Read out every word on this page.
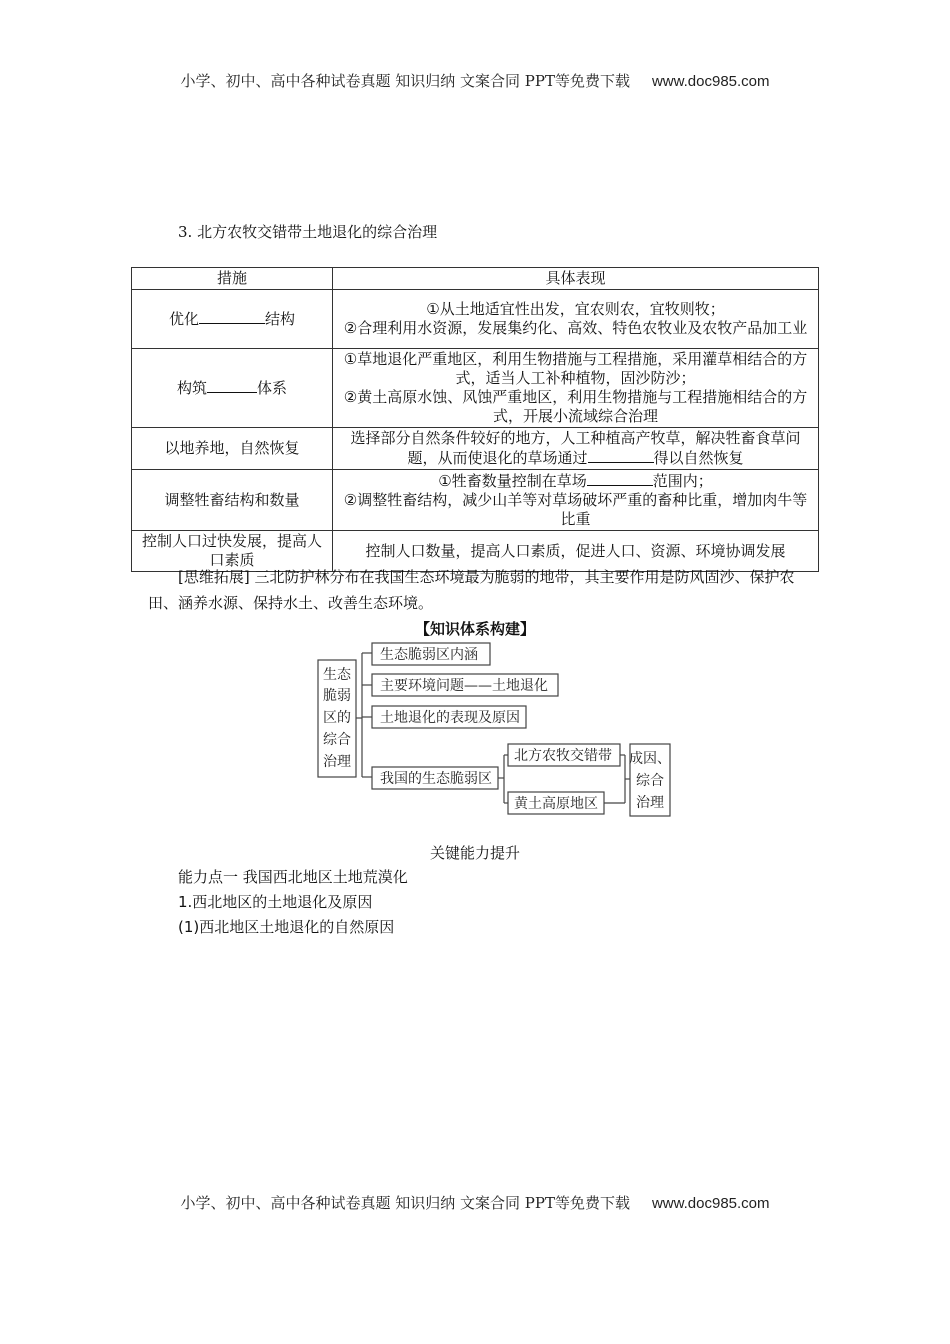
小学、初中、高中各种试卷真题 知识归纳 文案合同 PPT等免费下载 www.doc985.com
3. 北方农牧交错带土地退化的综合治理
措施	具体表现
优化 结构	①从土地适宜性出发，宜农则农，宜牧则牧；
②合理利用水资源，发展集约化、高效、特色农牧业及农牧产品加工业

构筑 体系	①草地退化严重地区，利用生物措施与工程措施，采用灌草相结合的方式，适当人工补种植物，固沙防沙；
②黄土高原水蚀、风蚀严重地区，利用生物措施与工程措施相结合的方式，开展小流域综合治理

以地养地，自然恢复	选择部分自然条件较好的地方，人工种植高产牧草，解决牲畜食草问题，从而使退化的草场通过 得以自然恢复
调整牲畜结构和数量	①牲畜数量控制在草场 范围内；
②调整牲畜结构，减少山羊等对草场破坏严重的畜种比重，增加肉牛等比重

控制人口过快发展，提高人口素质	控制人口数量，提高人口素质，促进人口、资源、环境协调发展

[思维拓展] 三北防护林分布在我国生态环境最为脆弱的地带，其主要作用是防风固沙、保护农田、涵养水源、保持水土、改善生态环境。

【知识体系构建】
生态
脆弱
区的
综合
治理
生态脆弱区内涵
主要环境问题——土地退化
土地退化的表现及原因
我国的生态脆弱区
北方农牧交错带
黄土高原地区
成因、
综合
治理
关键能力提升
能力点一 我国西北地区土地荒漠化
1.西北地区的土地退化及原因
(1)西北地区土地退化的自然原因
小学、初中、高中各种试卷真题 知识归纳 文案合同 PPT等免费下载 www.doc985.com
